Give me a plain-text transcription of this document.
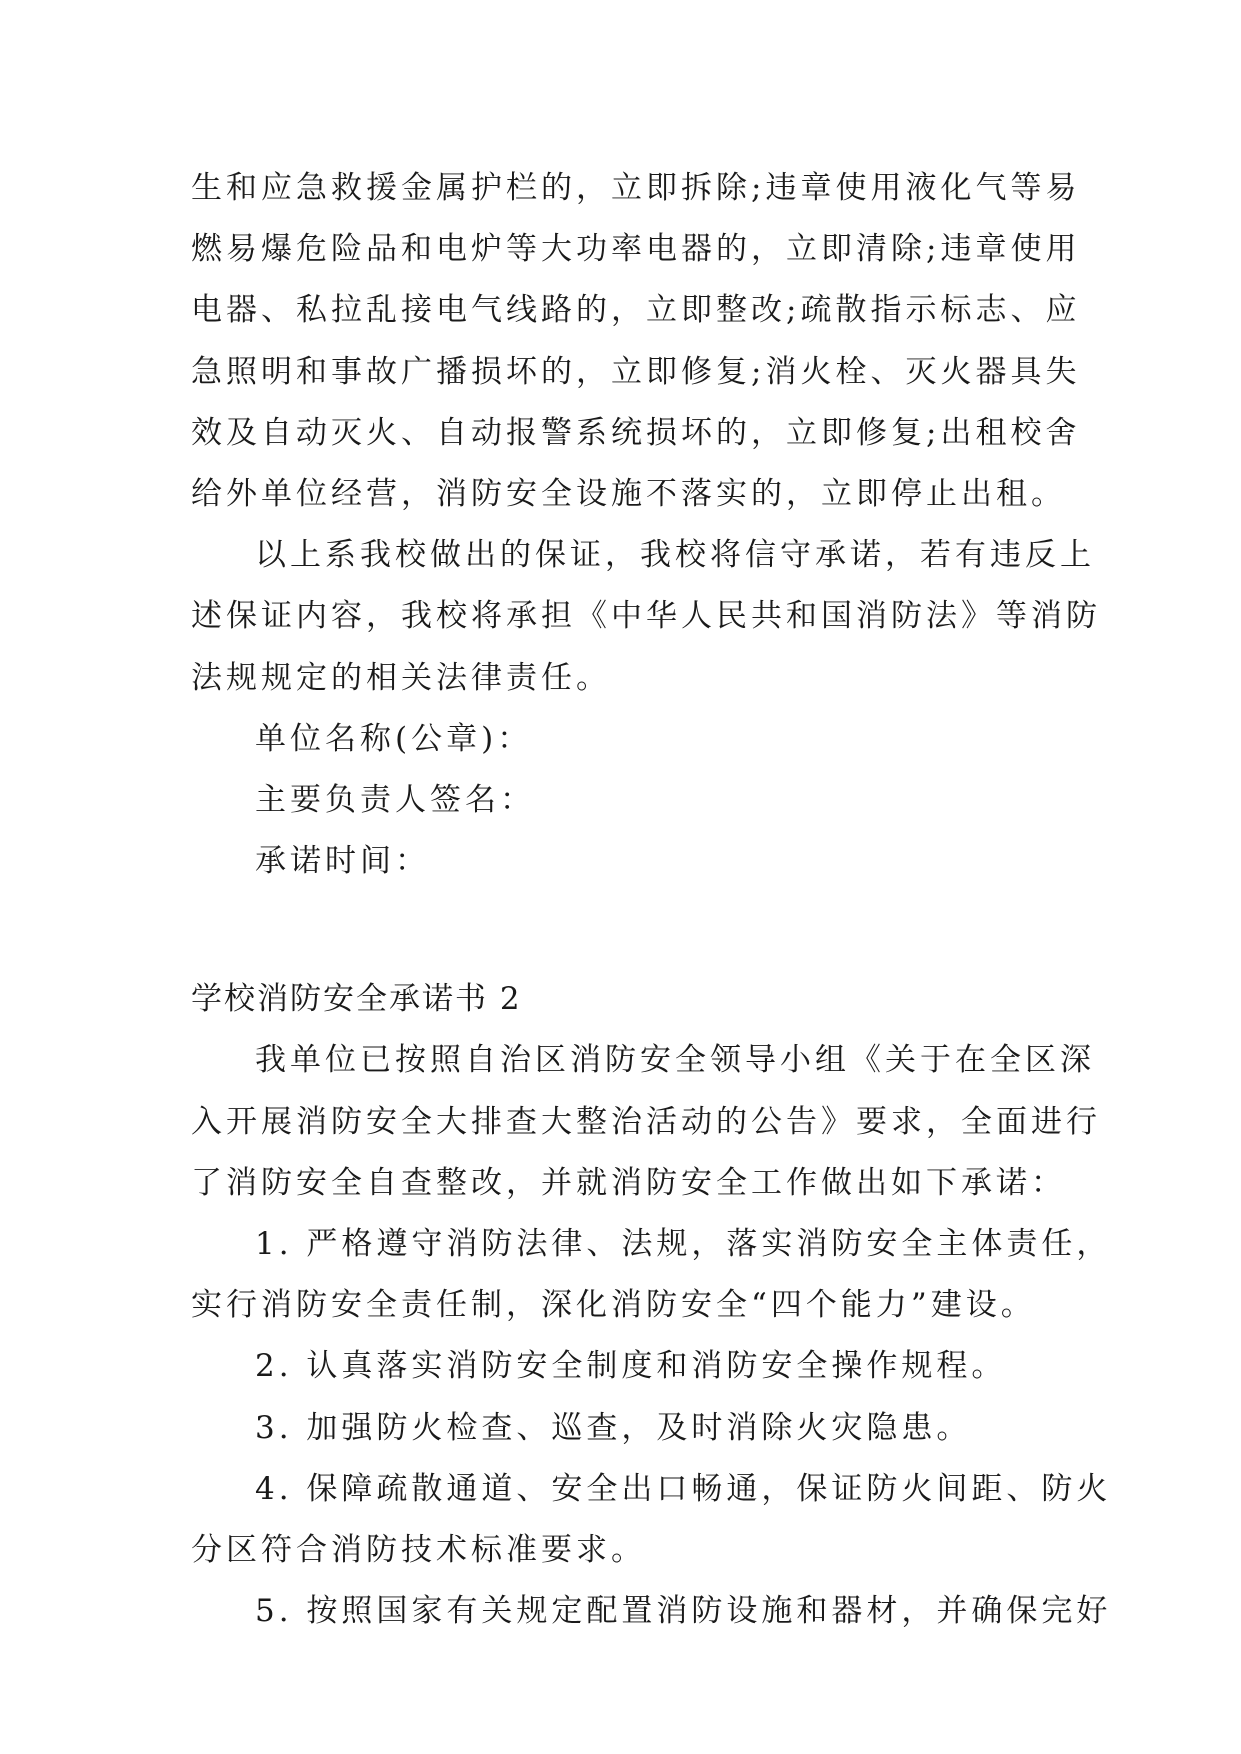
生和应急救援金属护栏的，立即拆除;违章使用液化气等易
燃易爆危险品和电炉等大功率电器的，立即清除;违章使用
电器、私拉乱接电气线路的，立即整改;疏散指示标志、应
急照明和事故广播损坏的，立即修复;消火栓、灭火器具失
效及自动灭火、自动报警系统损坏的，立即修复;出租校舍
给外单位经营，消防安全设施不落实的，立即停止出租。
以上系我校做出的保证，我校将信守承诺，若有违反上
述保证内容，我校将承担《中华人民共和国消防法》等消防
法规规定的相关法律责任。
单位名称(公章)：
主要负责人签名：
承诺时间：
学校消防安全承诺书 2
我单位已按照自治区消防安全领导小组《关于在全区深
入开展消防安全大排查大整治活动的公告》要求，全面进行
了消防安全自查整改，并就消防安全工作做出如下承诺：
1. 严格遵守消防法律、法规，落实消防安全主体责任，
实行消防安全责任制，深化消防安全“四个能力”建设。
2. 认真落实消防安全制度和消防安全操作规程。
3. 加强防火检查、巡查，及时消除火灾隐患。
4. 保障疏散通道、安全出口畅通，保证防火间距、防火
分区符合消防技术标准要求。
5. 按照国家有关规定配置消防设施和器材，并确保完好
